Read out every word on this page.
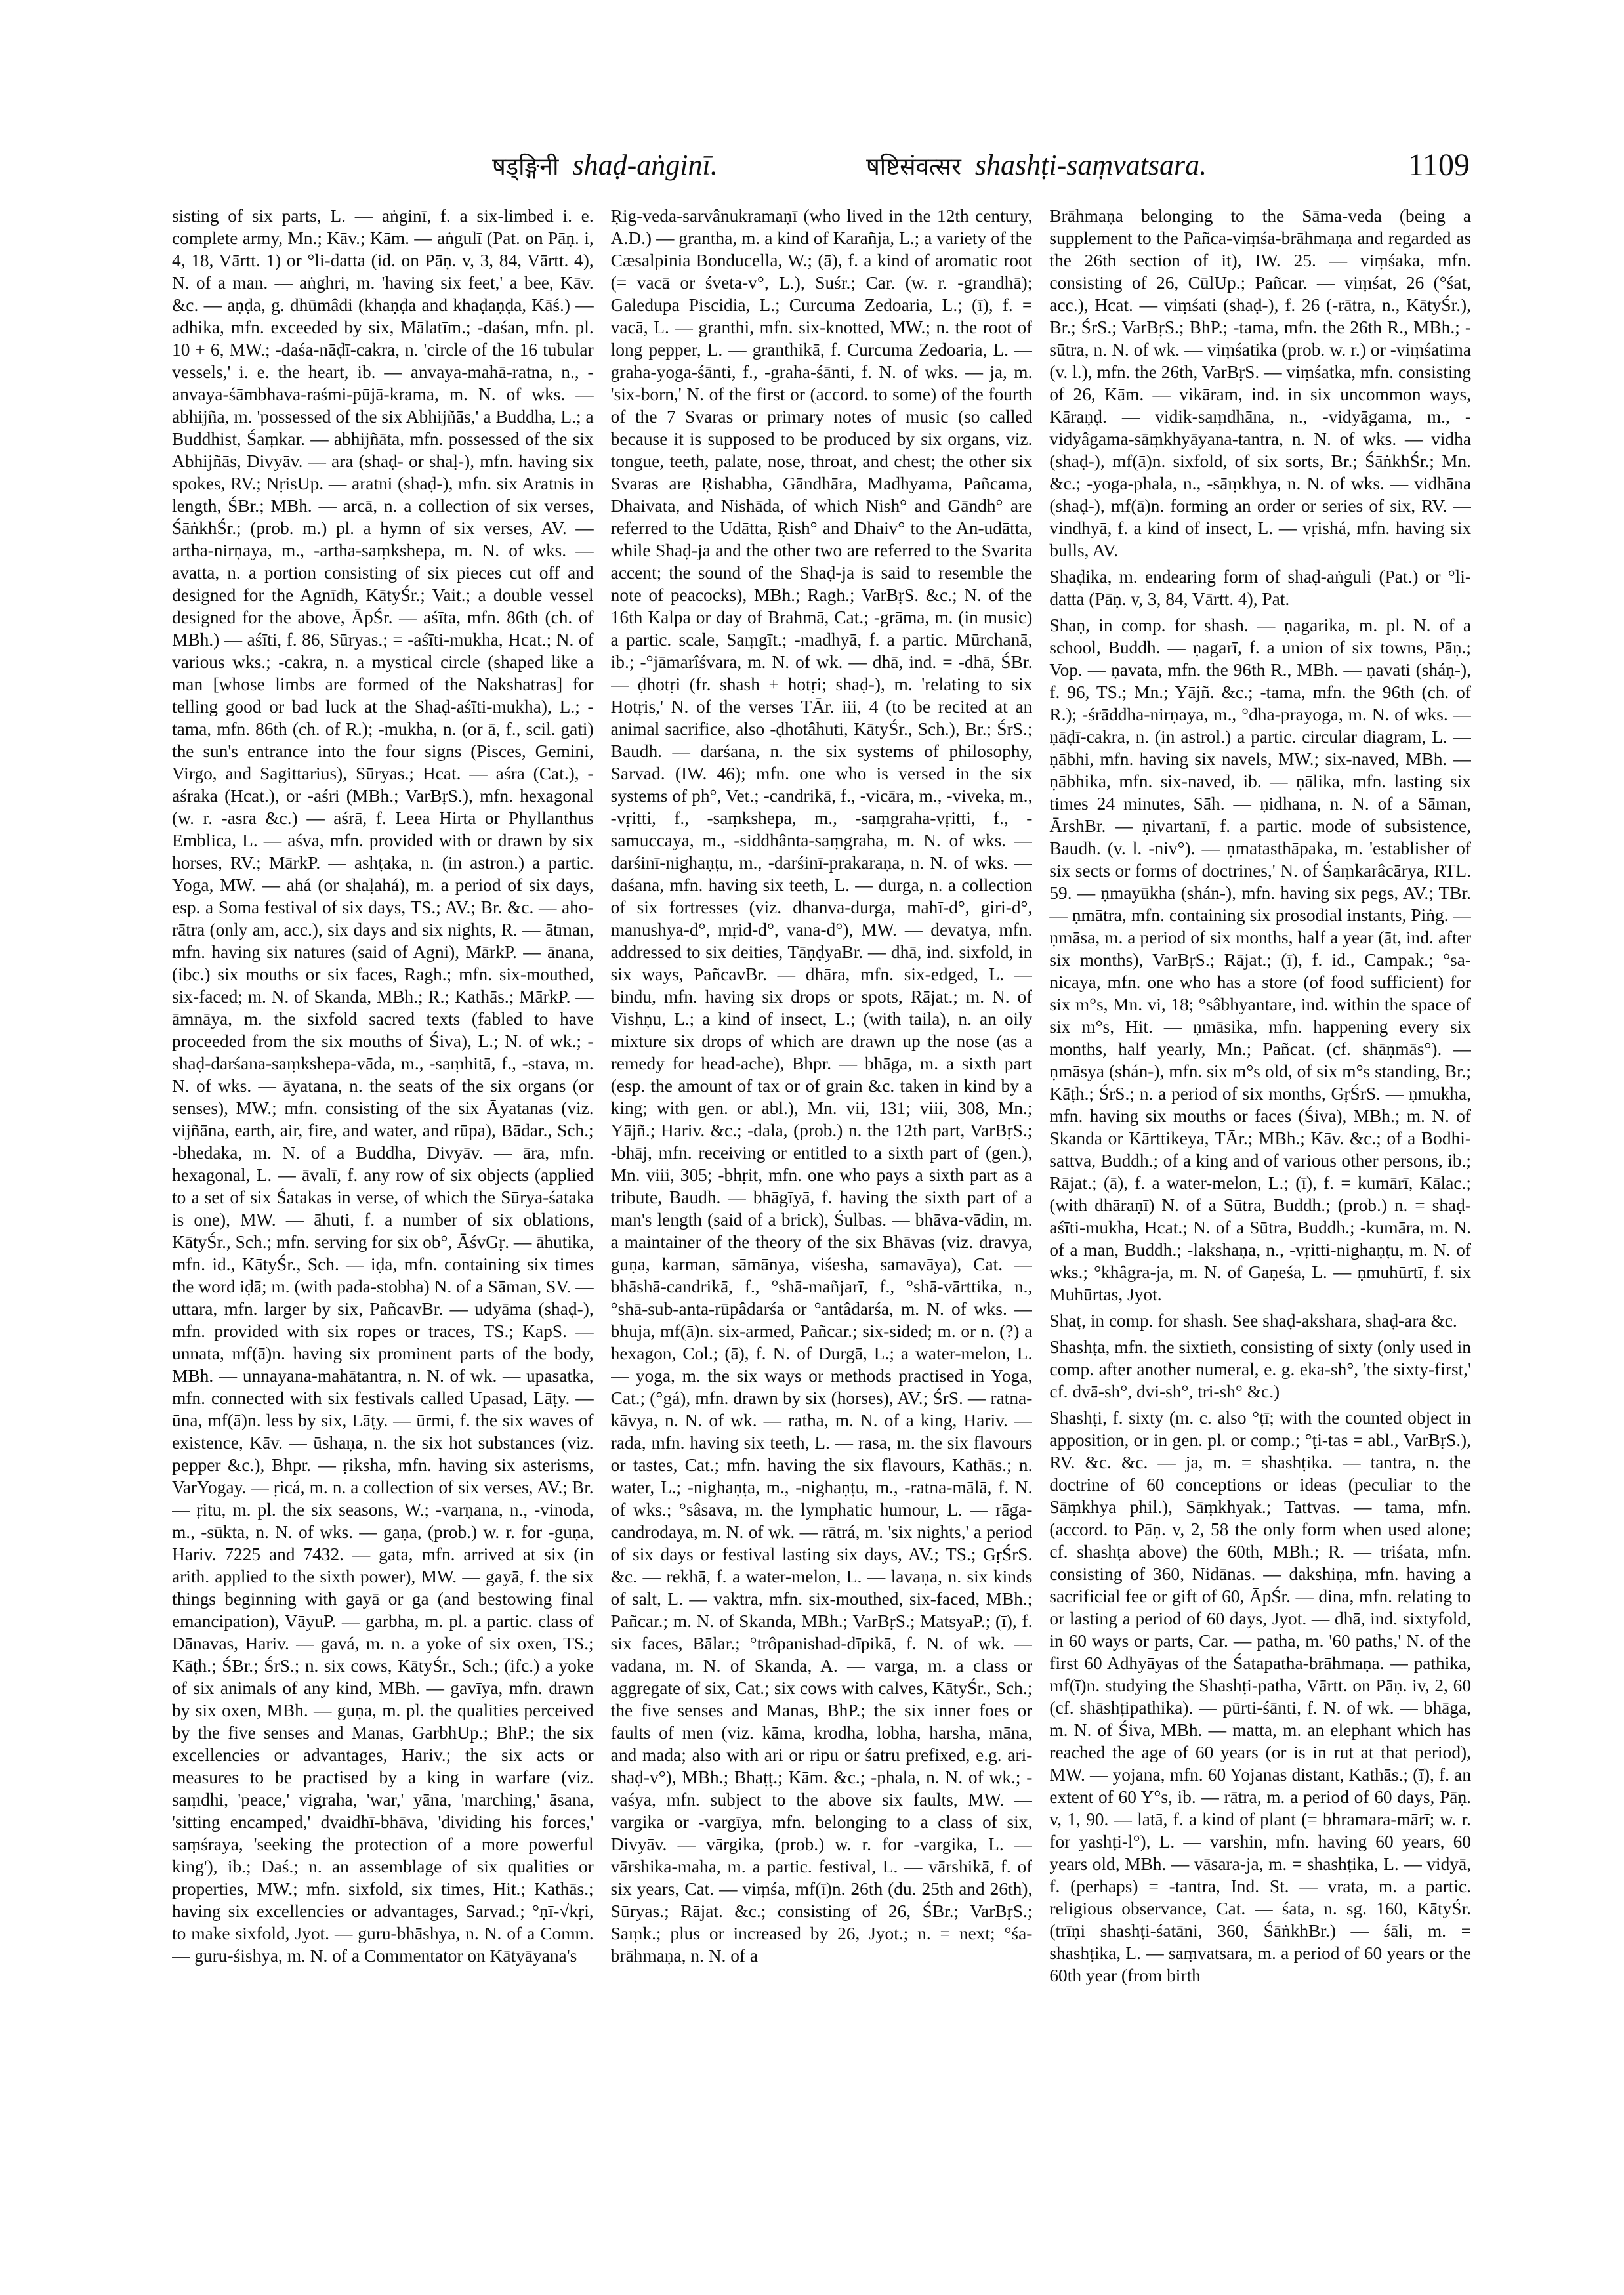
षड्ङ्गिनी shaḍ-aṅginī.	षष्टिसंवत्सर shashṭi-saṃvatsara.	1109

sisting of six parts, L. — aṅginī, f. a six-limbed i. e. complete army, Mn.; Kāv.; Kām. — aṅgulī (Pat. on Pāṇ. i, 4, 18, Vārtt. 1) or °li-datta (id. on Pāṇ. v, 3, 84, Vārtt. 4), N. of a man. — aṅghri, m. 'having six feet,' a bee, Kāv. &c. — aṇḍa, g. dhūmâdi (khaṇḍa and khaḍaṇḍa, Kāś.) — adhika, mfn. exceeded by six, Mālatīm.; -daśan, mfn. pl. 10 + 6, MW.; -daśa-nāḍī-cakra, n. 'circle of the 16 tubular vessels,' i. e. the heart, ib. — anvaya-mahā-ratna, n., -anvaya-śāmbhava-raśmi-pūjā-krama, m. N. of wks. — abhijña, m. 'possessed of the six Abhijñās,' a Buddha, L.; a Buddhist, Śaṃkar. — abhijñāta, mfn. possessed of the six Abhijñās, Divyāv. — ara (shaḍ- or shaḷ-), mfn. having six spokes, RV.; NṛisUp. — aratni (shaḍ-), mfn. six Aratnis in length, ŚBr.; MBh. — arcā, n. a collection of six verses, ŚāṅkhŚr.; (prob. m.) pl. a hymn of six verses, AV. — artha-nirṇaya, m., -artha-saṃkshepa, m. N. of wks. — avatta, n. a portion consisting of six pieces cut off and designed for the Agnīdh, KātyŚr.; Vait.; a double vessel designed for the above, ĀpŚr. — aśīta, mfn. 86th (ch. of MBh.) — aśīti, f. 86, Sūryas.; = -aśīti-mukha, Hcat.; N. of various wks.; -cakra, n. a mystical circle (shaped like a man [whose limbs are formed of the Nakshatras] for telling good or bad luck at the Shaḍ-aśīti-mukha), L.; -tama, mfn. 86th (ch. of R.); -mukha, n. (or ā, f., scil. gati) the sun's entrance into the four signs (Pisces, Gemini, Virgo, and Sagittarius), Sūryas.; Hcat. — aśra (Cat.), -aśraka (Hcat.), or -aśri (MBh.; VarBṛS.), mfn. hexagonal (w. r. -asra &c.) — aśrā, f. Leea Hirta or Phyllanthus Emblica, L. — aśva, mfn. provided with or drawn by six horses, RV.; MārkP. — ashṭaka, n. (in astron.) a partic. Yoga, MW. — ahá (or shaḷahá), m. a period of six days, esp. a Soma festival of six days, TS.; AV.; Br. &c. — aho-rātra (only am, acc.), six days and six nights, R. — ātman, mfn. having six natures (said of Agni), MārkP. — ānana, (ibc.) six mouths or six faces, Ragh.; mfn. six-mouthed, six-faced; m. N. of Skanda, MBh.; R.; Kathās.; MārkP. — āmnāya, m. the sixfold sacred texts (fabled to have proceeded from the six mouths of Śiva), L.; N. of wk.; -shaḍ-darśana-saṃkshepa-vāda, m., -saṃhitā, f., -stava, m. N. of wks. — āyatana, n. the seats of the six organs (or senses), MW.; mfn. consisting of the six Āyatanas (viz. vijñāna, earth, air, fire, and water, and rūpa), Bādar., Sch.; -bhedaka, m. N. of a Buddha, Divyāv. — āra, mfn. hexagonal, L. — āvalī, f. any row of six objects (applied to a set of six Śatakas in verse, of which the Sūrya-śataka is one), MW. — āhuti, f. a number of six oblations, KātyŚr., Sch.; mfn. serving for six ob°, ĀśvGṛ. — āhutika, mfn. id., KātyŚr., Sch. — iḍa, mfn. containing six times the word iḍā; m. (with pada-stobha) N. of a Sāman, SV. — uttara, mfn. larger by six, PañcavBr. — udyāma (shaḍ-), mfn. provided with six ropes or traces, TS.; KapS. — unnata, mf(ā)n. having six prominent parts of the body, MBh. — unnayana-mahātantra, n. N. of wk. — upasatka, mfn. connected with six festivals called Upasad, Lāṭy. — ūna, mf(ā)n. less by six, Lāṭy. — ūrmi, f. the six waves of existence, Kāv. — ūshaṇa, n. the six hot substances (viz. pepper &c.), Bhpr. — ṛiksha, mfn. having six asterisms, VarYogay. — ṛicá, m. n. a collection of six verses, AV.; Br. — ṛitu, m. pl. the six seasons, W.; -varṇana, n., -vinoda, m., -sūkta, n. N. of wks. — gaṇa, (prob.) w. r. for -guṇa, Hariv. 7225 and 7432. — gata, mfn. arrived at six (in arith. applied to the sixth power), MW. — gayā, f. the six things beginning with gayā or ga (and bestowing final emancipation), VāyuP. — garbha, m. pl. a partic. class of Dānavas, Hariv. — gavá, m. n. a yoke of six oxen, TS.; Kāṭh.; ŚBr.; ŚrS.; n. six cows, KātyŚr., Sch.; (ifc.) a yoke of six animals of any kind, MBh. — gavīya, mfn. drawn by six oxen, MBh. — guṇa, m. pl. the qualities perceived by the five senses and Manas, GarbhUp.; BhP.; the six excellencies or advantages, Hariv.; the six acts or measures to be practised by a king in warfare (viz. saṃdhi, 'peace,' vigraha, 'war,' yāna, 'marching,' āsana, 'sitting encamped,' dvaidhī-bhāva, 'dividing his forces,' saṃśraya, 'seeking the protection of a more powerful king'), ib.; Daś.; n. an assemblage of six qualities or properties, MW.; mfn. sixfold, six times, Hit.; Kathās.; having six excellencies or advantages, Sarvad.; °ṇī-√kṛi, to make sixfold, Jyot. — guru-bhāshya, n. N. of a Comm. — guru-śishya, m. N. of a Commentator on Kātyāyana's

Ṛig-veda-sarvânukramaṇī (who lived in the 12th century, A.D.) — grantha, m. a kind of Karañja, L.; a variety of the Cæsalpinia Bonducella, W.; (ā), f. a kind of aromatic root (= vacā or śveta-v°, L.), Suśr.; Car. (w. r. -grandhā); Galedupa Piscidia, L.; Curcuma Zedoaria, L.; (ī), f. = vacā, L. — granthi, mfn. six-knotted, MW.; n. the root of long pepper, L. — granthikā, f. Curcuma Zedoaria, L. — graha-yoga-śānti, f., -graha-śānti, f. N. of wks. — ja, m. 'six-born,' N. of the first or (accord. to some) of the fourth of the 7 Svaras or primary notes of music (so called because it is supposed to be produced by six organs, viz. tongue, teeth, palate, nose, throat, and chest; the other six Svaras are Ṛishabha, Gāndhāra, Madhyama, Pañcama, Dhaivata, and Nishāda, of which Nish° and Gāndh° are referred to the Udātta, Ṛish° and Dhaiv° to the An-udātta, while Shaḍ-ja and the other two are referred to the Svarita accent; the sound of the Shaḍ-ja is said to resemble the note of peacocks), MBh.; Ragh.; VarBṛS. &c.; N. of the 16th Kalpa or day of Brahmā, Cat.; -grāma, m. (in music) a partic. scale, Saṃgīt.; -madhyā, f. a partic. Mūrchanā, ib.; -°jāmarîśvara, m. N. of wk. — dhā, ind. = -dhā, ŚBr. — ḍhotṛi (fr. shash + hotṛi; shaḍ-), m. 'relating to six Hotṛis,' N. of the verses TĀr. iii, 4 (to be recited at an animal sacrifice, also -ḍhotâhuti, KātyŚr., Sch.), Br.; ŚrS.; Baudh. — darśana, n. the six systems of philosophy, Sarvad. (IW. 46); mfn. one who is versed in the six systems of ph°, Vet.; -candrikā, f., -vicāra, m., -viveka, m., -vṛitti, f., -saṃkshepa, m., -saṃgraha-vṛitti, f., -samuccaya, m., -siddhânta-saṃgraha, m. N. of wks. — darśinī-nighaṇṭu, m., -darśinī-prakaraṇa, n. N. of wks. — daśana, mfn. having six teeth, L. — durga, n. a collection of six fortresses (viz. dhanva-durga, mahī-d°, giri-d°, manushya-d°, mṛid-d°, vana-d°), MW. — devatya, mfn. addressed to six deities, TāṇḍyaBr. — dhā, ind. sixfold, in six ways, PañcavBr. — dhāra, mfn. six-edged, L. — bindu, mfn. having six drops or spots, Rājat.; m. N. of Vishṇu, L.; a kind of insect, L.; (with taila), n. an oily mixture six drops of which are drawn up the nose (as a remedy for head-ache), Bhpr. — bhāga, m. a sixth part (esp. the amount of tax or of grain &c. taken in kind by a king; with gen. or abl.), Mn. vii, 131; viii, 308, Mn.; Yājñ.; Hariv. &c.; -dala, (prob.) n. the 12th part, VarBṛS.; -bhāj, mfn. receiving or entitled to a sixth part of (gen.), Mn. viii, 305; -bhṛit, mfn. one who pays a sixth part as a tribute, Baudh. — bhāgīyā, f. having the sixth part of a man's length (said of a brick), Śulbas. — bhāva-vādin, m. a maintainer of the theory of the six Bhāvas (viz. dravya, guṇa, karman, sāmānya, viśesha, samavāya), Cat. — bhāshā-candrikā, f., °shā-mañjarī, f., °shā-vārttika, n., °shā-sub-anta-rūpâdarśa or °antâdarśa, m. N. of wks. — bhuja, mf(ā)n. six-armed, Pañcar.; six-sided; m. or n. (?) a hexagon, Col.; (ā), f. N. of Durgā, L.; a water-melon, L. — yoga, m. the six ways or methods practised in Yoga, Cat.; (°gá), mfn. drawn by six (horses), AV.; ŚrS. — ratna-kāvya, n. N. of wk. — ratha, m. N. of a king, Hariv. — rada, mfn. having six teeth, L. — rasa, m. the six flavours or tastes, Cat.; mfn. having the six flavours, Kathās.; n. water, L.; -nighaṇṭa, m., -nighaṇṭu, m., -ratna-mālā, f. N. of wks.; °sâsava, m. the lymphatic humour, L. — rāga-candrodaya, m. N. of wk. — rātrá, m. 'six nights,' a period of six days or festival lasting six days, AV.; TS.; GṛŚrS. &c. — rekhā, f. a water-melon, L. — lavaṇa, n. six kinds of salt, L. — vaktra, mfn. six-mouthed, six-faced, MBh.; Pañcar.; m. N. of Skanda, MBh.; VarBṛS.; MatsyaP.; (ī), f. six faces, Bālar.; °trôpanishad-dīpikā, f. N. of wk. — vadana, m. N. of Skanda, A. — varga, m. a class or aggregate of six, Cat.; six cows with calves, KātyŚr., Sch.; the five senses and Manas, BhP.; the six inner foes or faults of men (viz. kāma, krodha, lobha, harsha, māna, and mada; also with ari or ripu or śatru prefixed, e.g. ari-shaḍ-v°), MBh.; Bhaṭṭ.; Kām. &c.; -phala, n. N. of wk.; -vaśya, mfn. subject to the above six faults, MW. — vargika or -vargīya, mfn. belonging to a class of six, Divyāv. — vārgika, (prob.) w. r. for -vargika, L. — vārshika-maha, m. a partic. festival, L. — vārshikā, f. of six years, Cat. — viṃśa, mf(ī)n. 26th (du. 25th and 26th), Sūryas.; Rājat. &c.; consisting of 26, ŚBr.; VarBṛS.; Saṃk.; plus or increased by 26, Jyot.; n. = next; °śa-brāhmaṇa, n. N. of a

Brāhmaṇa belonging to the Sāma-veda (being a supplement to the Pañca-viṃśa-brāhmaṇa and regarded as the 26th section of it), IW. 25. — viṃśaka, mfn. consisting of 26, CūlUp.; Pañcar. — viṃśat, 26 (°śat, acc.), Hcat. — viṃśati (shaḍ-), f. 26 (-rātra, n., KātyŚr.), Br.; ŚrS.; VarBṛS.; BhP.; -tama, mfn. the 26th R., MBh.; -sūtra, n. N. of wk. — viṃśatika (prob. w. r.) or -viṃśatima (v. l.), mfn. the 26th, VarBṛS. — viṃśatka, mfn. consisting of 26, Kām. — vikāram, ind. in six uncommon ways, Kāraṇḍ. — vidik-saṃdhāna, n., -vidyāgama, m., -vidyâgama-sāṃkhyāyana-tantra, n. N. of wks. — vidha (shaḍ-), mf(ā)n. sixfold, of six sorts, Br.; ŚāṅkhŚr.; Mn. &c.; -yoga-phala, n., -sāṃkhya, n. N. of wks. — vidhāna (shaḍ-), mf(ā)n. forming an order or series of six, RV. — vindhyā, f. a kind of insect, L. — vṛishá, mfn. having six bulls, AV.

Shaḍika, m. endearing form of shaḍ-aṅguli (Pat.) or °li-datta (Pāṇ. v, 3, 84, Vārtt. 4), Pat.

Shaṇ, in comp. for shash. — ṇagarika, m. pl. N. of a school, Buddh. — ṇagarī, f. a union of six towns, Pāṇ.; Vop. — ṇavata, mfn. the 96th R., MBh. — ṇavati (sháṇ-), f. 96, TS.; Mn.; Yājñ. &c.; -tama, mfn. the 96th (ch. of R.); -śrāddha-nirṇaya, m., °dha-prayoga, m. N. of wks. — ṇāḍī-cakra, n. (in astrol.) a partic. circular diagram, L. — ṇābhi, mfn. having six navels, MW.; six-naved, MBh. — ṇābhika, mfn. six-naved, ib. — ṇālika, mfn. lasting six times 24 minutes, Sāh. — ṇidhana, n. N. of a Sāman, ĀrshBr. — ṇivartanī, f. a partic. mode of subsistence, Baudh. (v. l. -niv°). — ṇmatasthāpaka, m. 'establisher of six sects or forms of doctrines,' N. of Śaṃkarâcārya, RTL. 59. — ṇmayūkha (shán-), mfn. having six pegs, AV.; TBr. — ṇmātra, mfn. containing six prosodial instants, Piṅg. — ṇmāsa, m. a period of six months, half a year (āt, ind. after six months), VarBṛS.; Rājat.; (ī), f. id., Campak.; °sa-nicaya, mfn. one who has a store (of food sufficient) for six m°s, Mn. vi, 18; °sâbhyantare, ind. within the space of six m°s, Hit. — ṇmāsika, mfn. happening every six months, half yearly, Mn.; Pañcat. (cf. shāṇmās°). — ṇmāsya (shán-), mfn. six m°s old, of six m°s standing, Br.; Kāṭh.; ŚrS.; n. a period of six months, GṛŚrS. — ṇmukha, mfn. having six mouths or faces (Śiva), MBh.; m. N. of Skanda or Kārttikeya, TĀr.; MBh.; Kāv. &c.; of a Bodhi-sattva, Buddh.; of a king and of various other persons, ib.; Rājat.; (ā), f. a water-melon, L.; (ī), f. = kumārī, Kālac.; (with dhāraṇī) N. of a Sūtra, Buddh.; (prob.) n. = shaḍ-aśīti-mukha, Hcat.; N. of a Sūtra, Buddh.; -kumāra, m. N. of a man, Buddh.; -lakshaṇa, n., -vṛitti-nighaṇṭu, m. N. of wks.; °khâgra-ja, m. N. of Gaṇeśa, L. — ṇmuhūrtī, f. six Muhūrtas, Jyot.

Shaṭ, in comp. for shash. See shaḍ-akshara, shaḍ-ara &c.

Shashṭa, mfn. the sixtieth, consisting of sixty (only used in comp. after another numeral, e. g. eka-sh°, 'the sixty-first,' cf. dvā-sh°, dvi-sh°, tri-sh° &c.)

Shashṭi, f. sixty (m. c. also °ṭī; with the counted object in apposition, or in gen. pl. or comp.; °ṭi-tas = abl., VarBṛS.), RV. &c. &c. — ja, m. = shashṭika. — tantra, n. the doctrine of 60 conceptions or ideas (peculiar to the Sāṃkhya phil.), Sāṃkhyak.; Tattvas. — tama, mfn. (accord. to Pāṇ. v, 2, 58 the only form when used alone; cf. shashṭa above) the 60th, MBh.; R. — triśata, mfn. consisting of 360, Nidānas. — dakshiṇa, mfn. having a sacrificial fee or gift of 60, ĀpŚr. — dina, mfn. relating to or lasting a period of 60 days, Jyot. — dhā, ind. sixtyfold, in 60 ways or parts, Car. — patha, m. '60 paths,' N. of the first 60 Adhyāyas of the Śatapatha-brāhmaṇa. — pathika, mf(ī)n. studying the Shashṭi-patha, Vārtt. on Pāṇ. iv, 2, 60 (cf. shāshṭipathika). — pūrti-śānti, f. N. of wk. — bhāga, m. N. of Śiva, MBh. — matta, m. an elephant which has reached the age of 60 years (or is in rut at that period), MW. — yojana, mfn. 60 Yojanas distant, Kathās.; (ī), f. an extent of 60 Y°s, ib. — rātra, m. a period of 60 days, Pāṇ. v, 1, 90. — latā, f. a kind of plant (= bhramara-mārī; w. r. for yashṭi-l°), L. — varshin, mfn. having 60 years, 60 years old, MBh. — vāsara-ja, m. = shashṭika, L. — vidyā, f. (perhaps) = -tantra, Ind. St. — vrata, m. a partic. religious observance, Cat. — śata, n. sg. 160, KātyŚr. (trīṇi shashṭi-śatāni, 360, ŚāṅkhBr.) — śāli, m. = shashṭika, L. — saṃvatsara, m. a period of 60 years or the 60th year (from birth
